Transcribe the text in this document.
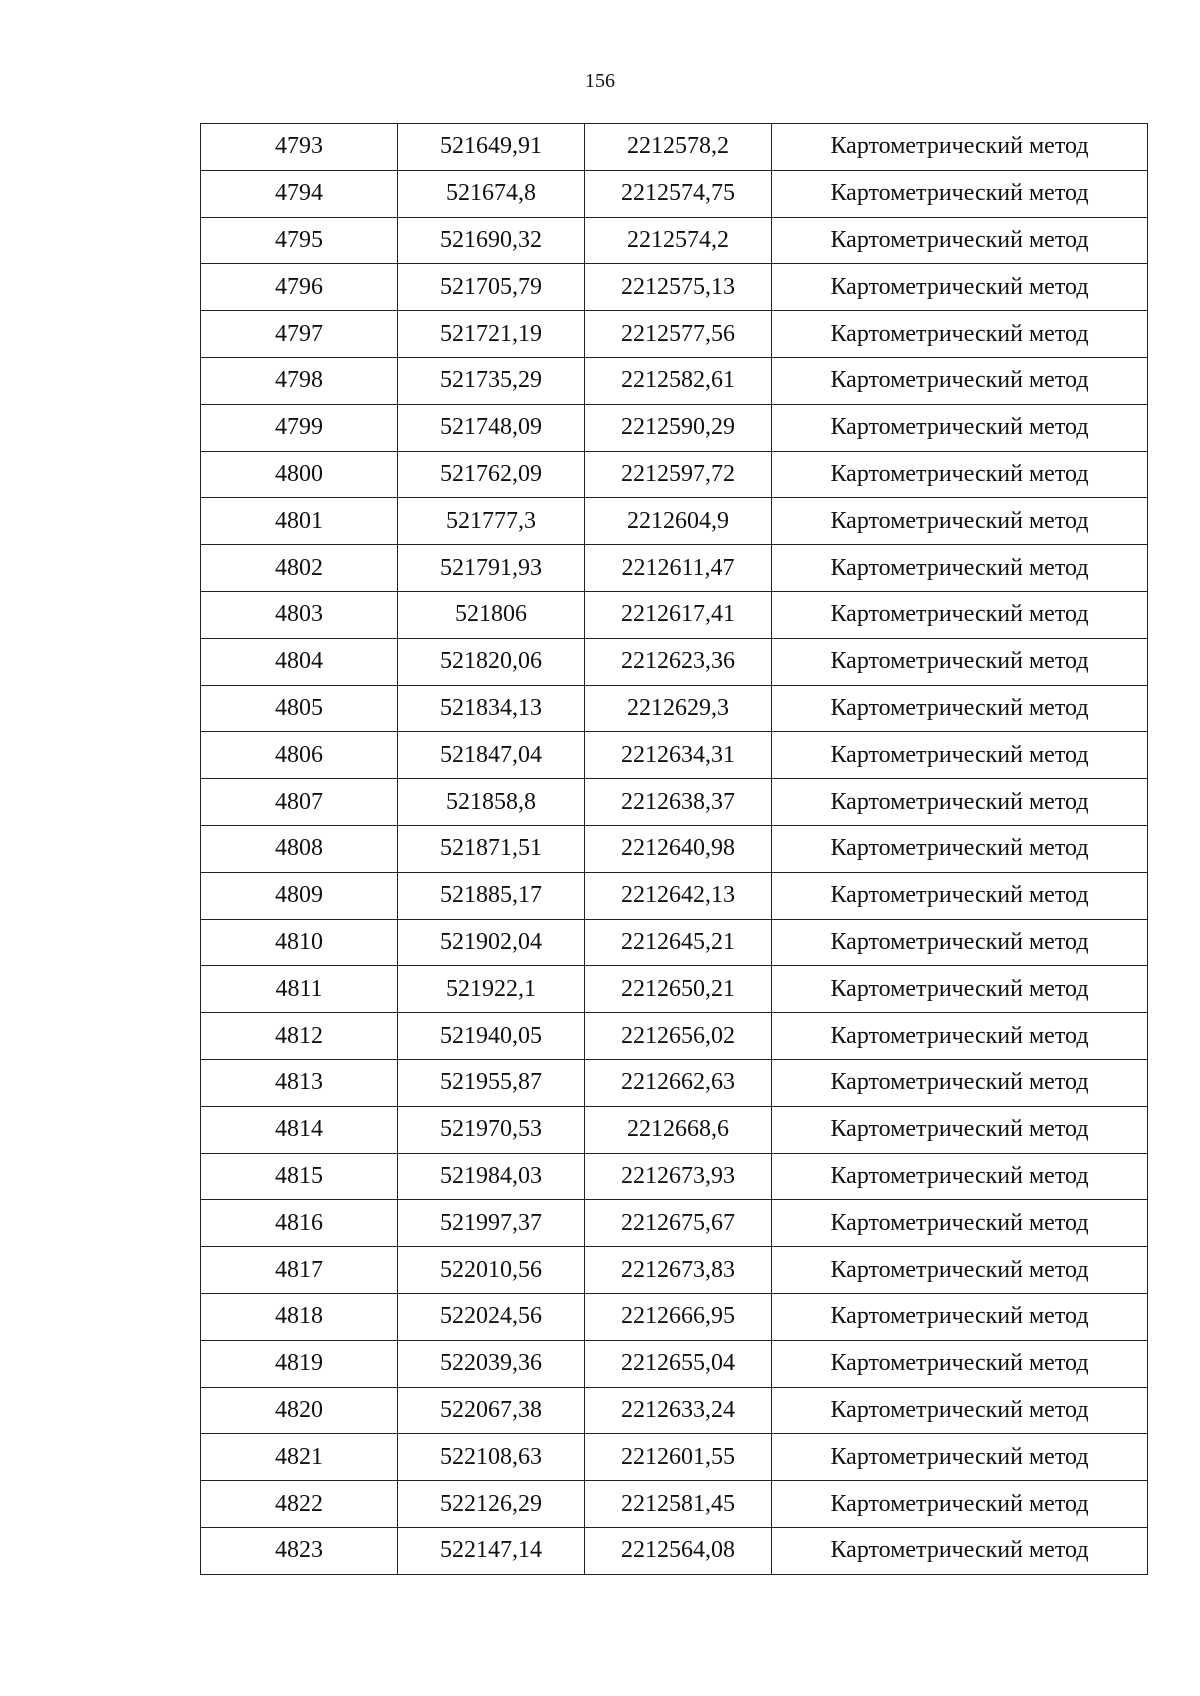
156
4793	521649,91	2212578,2	Картометрический метод
4794	521674,8	2212574,75	Картометрический метод
4795	521690,32	2212574,2	Картометрический метод
4796	521705,79	2212575,13	Картометрический метод
4797	521721,19	2212577,56	Картометрический метод
4798	521735,29	2212582,61	Картометрический метод
4799	521748,09	2212590,29	Картометрический метод
4800	521762,09	2212597,72	Картометрический метод
4801	521777,3	2212604,9	Картометрический метод
4802	521791,93	2212611,47	Картометрический метод
4803	521806	2212617,41	Картометрический метод
4804	521820,06	2212623,36	Картометрический метод
4805	521834,13	2212629,3	Картометрический метод
4806	521847,04	2212634,31	Картометрический метод
4807	521858,8	2212638,37	Картометрический метод
4808	521871,51	2212640,98	Картометрический метод
4809	521885,17	2212642,13	Картометрический метод
4810	521902,04	2212645,21	Картометрический метод
4811	521922,1	2212650,21	Картометрический метод
4812	521940,05	2212656,02	Картометрический метод
4813	521955,87	2212662,63	Картометрический метод
4814	521970,53	2212668,6	Картометрический метод
4815	521984,03	2212673,93	Картометрический метод
4816	521997,37	2212675,67	Картометрический метод
4817	522010,56	2212673,83	Картометрический метод
4818	522024,56	2212666,95	Картометрический метод
4819	522039,36	2212655,04	Картометрический метод
4820	522067,38	2212633,24	Картометрический метод
4821	522108,63	2212601,55	Картометрический метод
4822	522126,29	2212581,45	Картометрический метод
4823	522147,14	2212564,08	Картометрический метод
